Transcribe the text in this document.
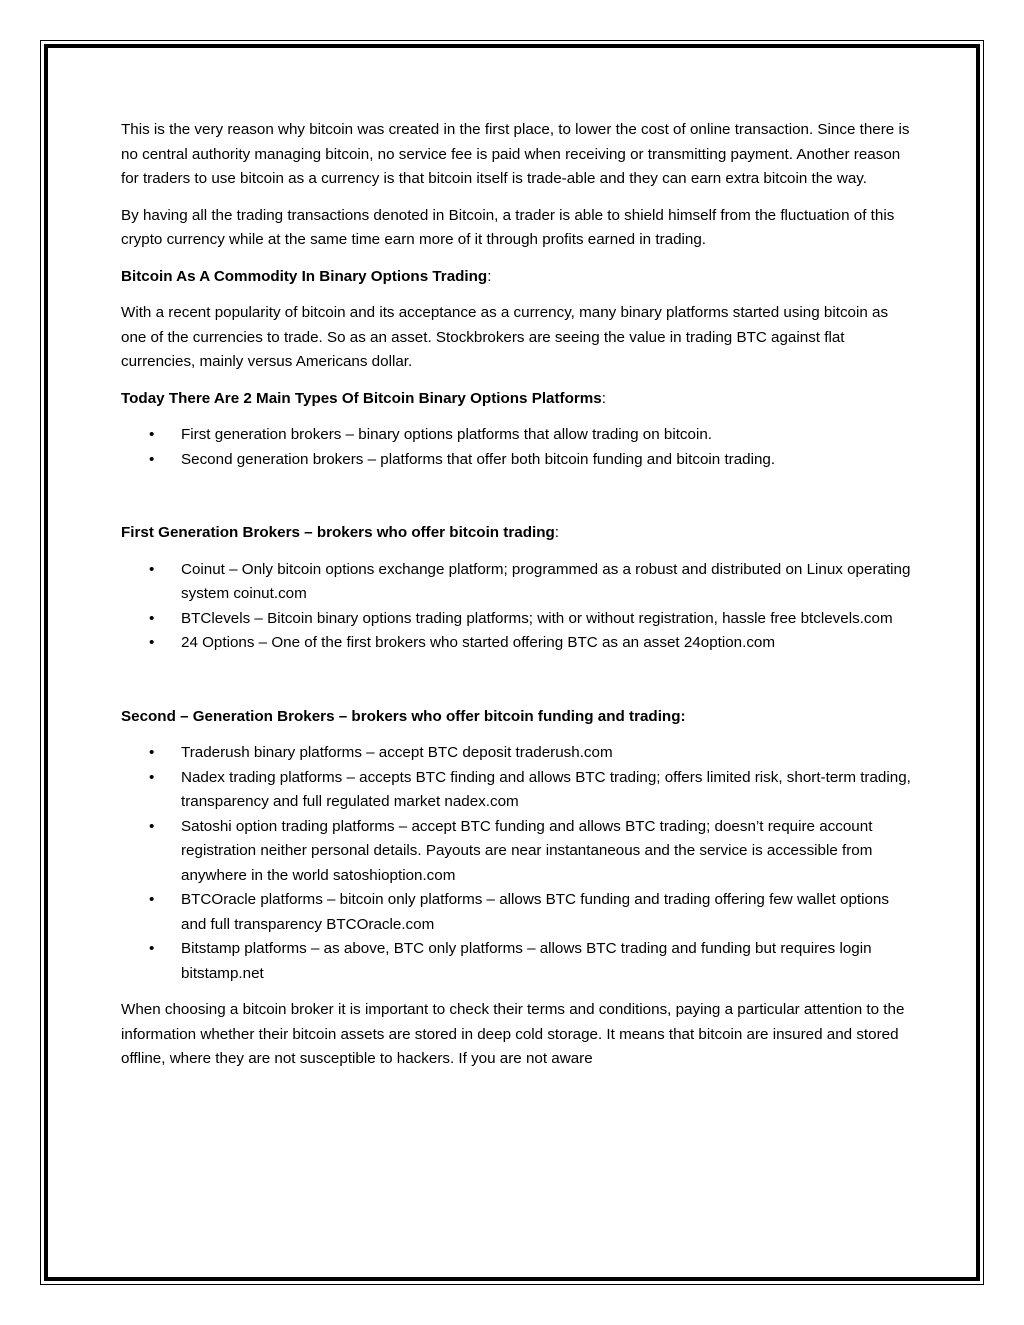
This is the very reason why bitcoin was created in the first place, to lower the cost of online transaction. Since there is no central authority managing bitcoin, no service fee is paid when receiving or transmitting payment. Another reason for traders to use bitcoin as a currency is that bitcoin itself is trade-able and they can earn extra bitcoin the way.

By having all the trading transactions denoted in Bitcoin, a trader is able to shield himself from the fluctuation of this crypto currency while at the same time earn more of it through profits earned in trading.

Bitcoin As A Commodity In Binary Options Trading:

With a recent popularity of bitcoin and its acceptance as a currency, many binary platforms started using bitcoin as one of the currencies to trade. So as an asset. Stockbrokers are seeing the value in trading BTC against flat currencies, mainly versus Americans dollar.

Today There Are 2 Main Types Of Bitcoin Binary Options Platforms:

• First generation brokers – binary options platforms that allow trading on bitcoin.
• Second generation brokers – platforms that offer both bitcoin funding and bitcoin trading.

First Generation Brokers – brokers who offer bitcoin trading:

• Coinut – Only bitcoin options exchange platform; programmed as a robust and distributed on Linux operating system coinut.com
• BTClevels – Bitcoin binary options trading platforms; with or without registration, hassle free btclevels.com
• 24 Options – One of the first brokers who started offering BTC as an asset 24option.com

Second – Generation Brokers – brokers who offer bitcoin funding and trading:

• Traderush binary platforms – accept BTC deposit traderush.com
• Nadex trading platforms – accepts BTC finding and allows BTC trading; offers limited risk, short-term trading, transparency and full regulated market nadex.com
• Satoshi option trading platforms – accept BTC funding and allows BTC trading; doesn’t require account registration neither personal details. Payouts are near instantaneous and the service is accessible from anywhere in the world satoshioption.com
• BTCOracle platforms – bitcoin only platforms – allows BTC funding and trading offering few wallet options and full transparency BTCOracle.com
• Bitstamp platforms – as above, BTC only platforms – allows BTC trading and funding but requires login bitstamp.net

When choosing a bitcoin broker it is important to check their terms and conditions, paying a particular attention to the information whether their bitcoin assets are stored in deep cold storage. It means that bitcoin are insured and stored offline, where they are not susceptible to hackers. If you are not aware
